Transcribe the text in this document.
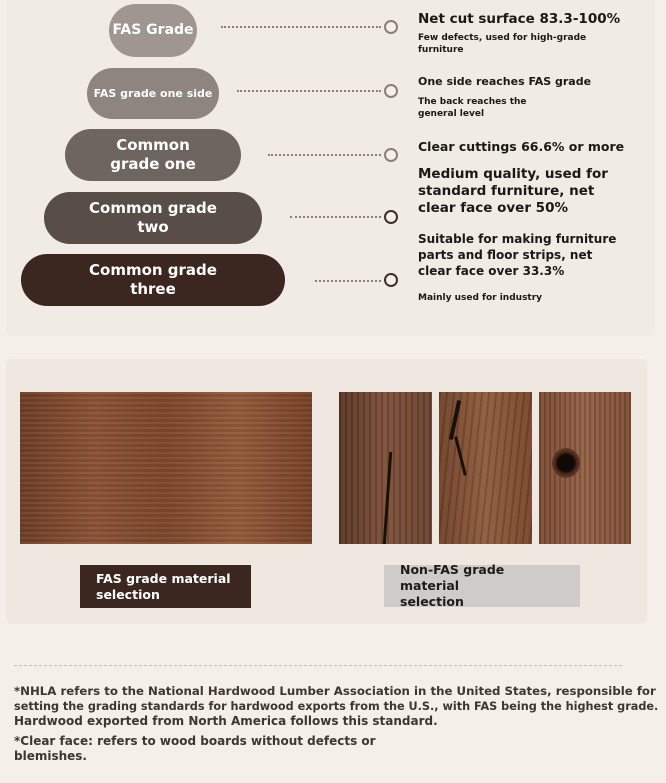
FAS Grade
FAS grade one side
Common
grade one
Common grade
two
Common grade
three
Net cut surface 83.3-100%
Few defects, used for high-grade
furniture
One side reaches FAS grade
The back reaches the
general level
Clear cuttings 66.6% or more
Medium quality, used for
standard furniture, net
clear face over 50%
Suitable for making furniture
parts and floor strips, net
clear face over 33.3%
Mainly used for industry
FAS grade material
selection
Non-FAS grade material
selection
*NHLA refers to the National Hardwood Lumber Association in the United States, responsible for
setting the grading standards for hardwood exports from the U.S., with FAS being the highest grade.
Hardwood exported from North America follows this standard.
*Clear face: refers to wood boards without defects or
blemishes.
